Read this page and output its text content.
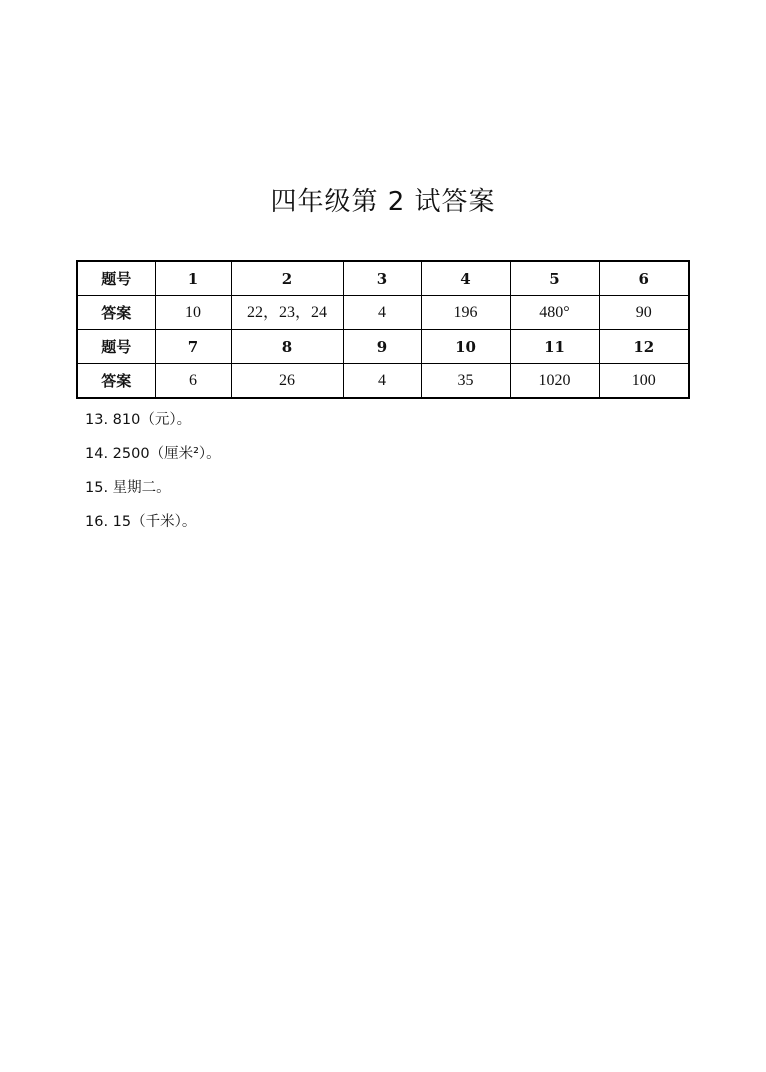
四年级第 2 试答案
题号	1	2	3	4	5	6
答案	10	22，23，24	4	196	480°	90
题号	7	8	9	10	11	12
答案	6	26	4	35	1020	100
13. 810（元）。
14. 2500（厘米²）。
15. 星期二。
16. 15（千米）。
